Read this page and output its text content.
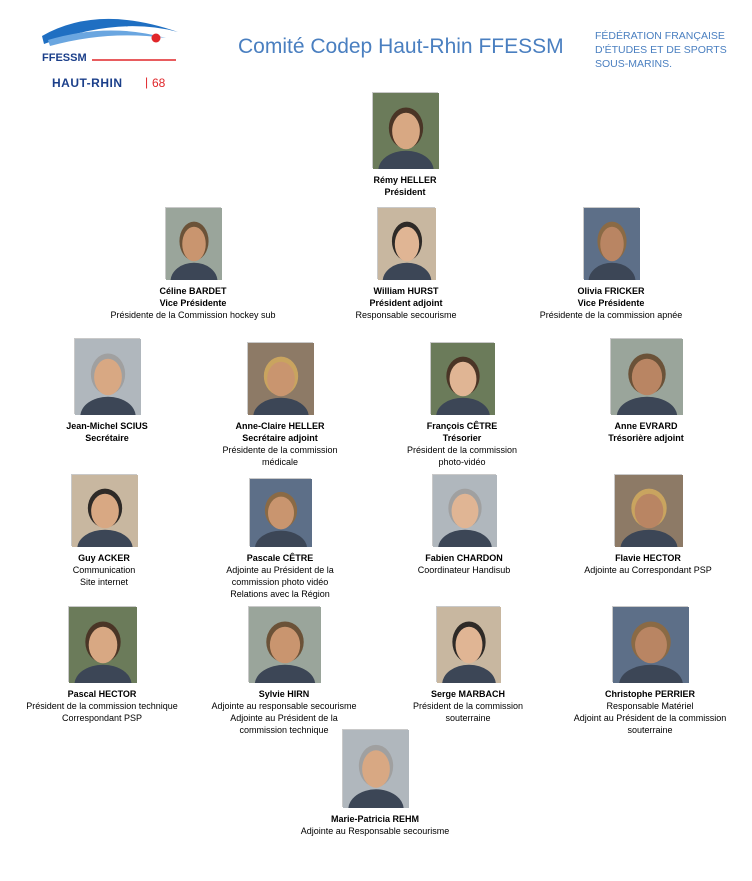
FFESSM
HAUT-RHIN | 68
Comité Codep Haut-Rhin FFESSM	FÉDÉRATION FRANÇAISE
D'ÉTUDES ET DE SPORTS
SOUS-MARINS.
Rémy HELLER
Président
Céline BARDET
Vice Présidente
Présidente de la Commission hockey sub
William HURST
Président adjoint
Responsable secourisme
Olivia FRICKER
Vice Présidente
Présidente de la commission apnée
Jean-Michel SCIUS
Secrétaire
Anne-Claire HELLER
Secrétaire adjoint
Présidente de la commission
médicale
François CÊTRE
Trésorier
Président de la commission
photo-vidéo
Anne EVRARD
Trésorière adjoint
Guy ACKER
Communication
Site internet
Pascale CÊTRE
Adjointe au Président de la
commission photo vidéo
Relations avec la Région
Fabien CHARDON
Coordinateur Handisub
Flavie HECTOR
Adjointe au Correspondant PSP
Pascal HECTOR
Président de la commission technique
Correspondant PSP
Sylvie HIRN
Adjointe au responsable secourisme
Adjointe au Président de la
commission technique
Serge MARBACH
Président de la commission
souterraine
Christophe PERRIER
Responsable Matériel
Adjoint au Président de la commission
souterraine
Marie-Patricia REHM
Adjointe au Responsable secourisme
